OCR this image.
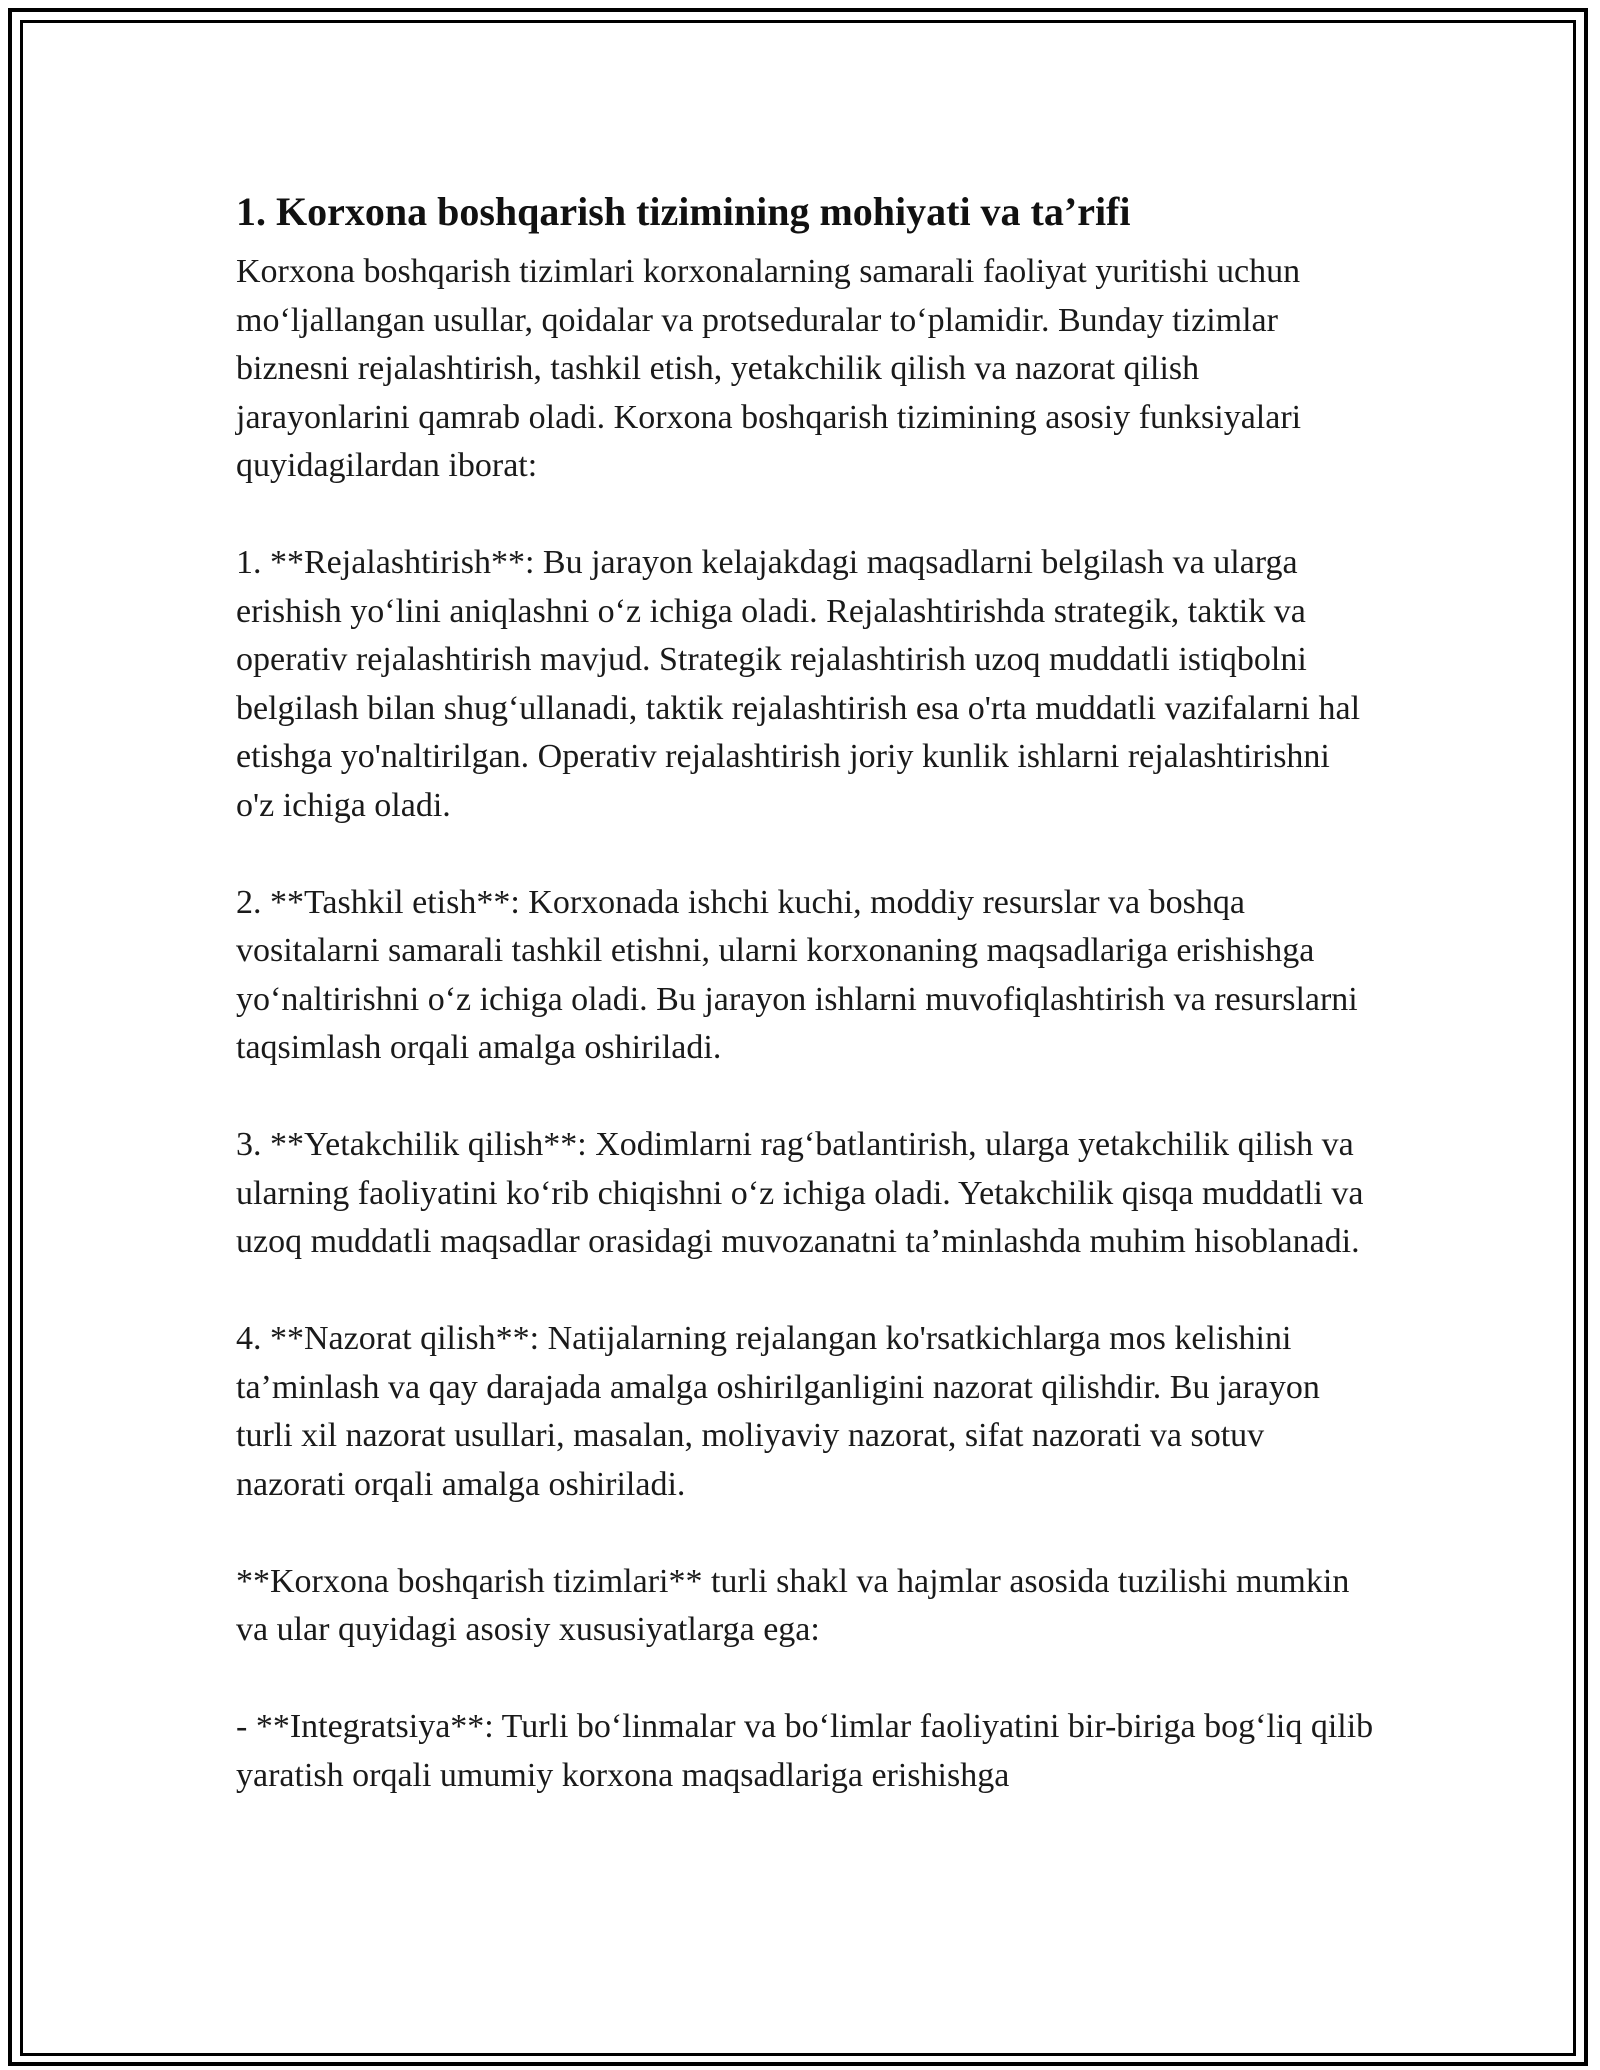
1. Korxona boshqarish tizimining mohiyati va ta’rifi

Korxona boshqarish tizimlari korxonalarning samarali faoliyat yuritishi uchun mo‘ljallangan usullar, qoidalar va protseduralar to‘plamidir. Bunday tizimlar biznesni rejalashtirish, tashkil etish, yetakchilik qilish va nazorat qilish jarayonlarini qamrab oladi. Korxona boshqarish tizimining asosiy funksiyalari quyidagilardan iborat:

1. **Rejalashtirish**: Bu jarayon kelajakdagi maqsadlarni belgilash va ularga erishish yo‘lini aniqlashni o‘z ichiga oladi. Rejalashtirishda strategik, taktik va operativ rejalashtirish mavjud. Strategik rejalashtirish uzoq muddatli istiqbolni belgilash bilan shug‘ullanadi, taktik rejalashtirish esa o'rta muddatli vazifalarni hal etishga yo'naltirilgan. Operativ rejalashtirish joriy kunlik ishlarni rejalashtirishni o'z ichiga oladi.

2. **Tashkil etish**: Korxonada ishchi kuchi, moddiy resurslar va boshqa vositalarni samarali tashkil etishni, ularni korxonaning maqsadlariga erishishga yo‘naltirishni o‘z ichiga oladi. Bu jarayon ishlarni muvofiqlashtirish va resurslarni taqsimlash orqali amalga oshiriladi.

3. **Yetakchilik qilish**: Xodimlarni rag‘batlantirish, ularga yetakchilik qilish va ularning faoliyatini ko‘rib chiqishni o‘z ichiga oladi. Yetakchilik qisqa muddatli va uzoq muddatli maqsadlar orasidagi muvozanatni ta’minlashda muhim hisoblanadi.

4. **Nazorat qilish**: Natijalarning rejalangan ko'rsatkichlarga mos kelishini ta’minlash va qay darajada amalga oshirilganligini nazorat qilishdir. Bu jarayon turli xil nazorat usullari, masalan, moliyaviy nazorat, sifat nazorati va sotuv nazorati orqali amalga oshiriladi.

**Korxona boshqarish tizimlari** turli shakl va hajmlar asosida tuzilishi mumkin va ular quyidagi asosiy xususiyatlarga ega:

- **Integratsiya**: Turli bo‘linmalar va bo‘limlar faoliyatini bir-biriga bog‘liq qilib yaratish orqali umumiy korxona maqsadlariga erishishga
